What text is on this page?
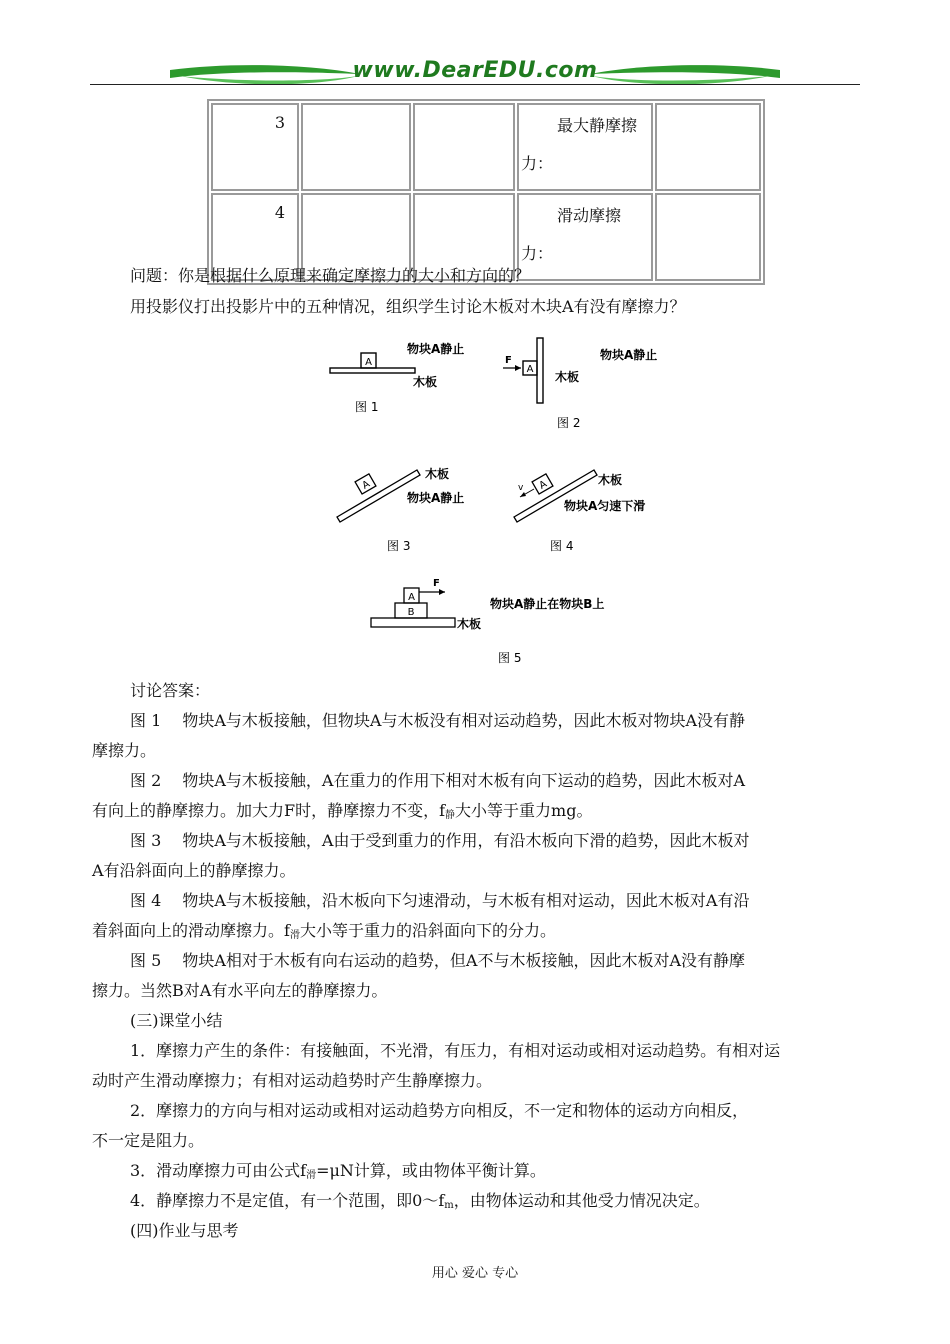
www.DearEDU.com
3			最大静摩擦
力：	

4			滑动摩擦
力：	

问题：你是根据什么原理来确定摩擦力的大小和方向的？
用投影仪打出投影片中的五种情况，组织学生讨论木板对木块A有没有摩擦力？
A
物块A静止
木板
图 1
A
F	物块A静止
木板
图 2
A
木板
物块A静止
图 3
A
v
木板
物块A匀速下滑
图 4
B
A
F
物块A静止在物块B上
木板
图 5
讨论答案：
图 1　 物块A与木板接触，但物块A与木板没有相对运动趋势，因此木板对物块A没有静
摩擦力。
图 2　 物块A与木板接触，A在重力的作用下相对木板有向下运动的趋势，因此木板对A
有向上的静摩擦力。加大力F时，静摩擦力不变，$f_静$大小等于重力mg。
图 3　 物块A与木板接触，A由于受到重力的作用，有沿木板向下滑的趋势，因此木板对
A有沿斜面向上的静摩擦力。
图 4　 物块A与木板接触，沿木板向下匀速滑动，与木板有相对运动，因此木板对A有沿
着斜面向上的滑动摩擦力。$f_滑$大小等于重力的沿斜面向下的分力。
图 5　 物块A相对于木板有向右运动的趋势，但A不与木板接触，因此木板对A没有静摩
擦力。当然B对A有水平向左的静摩擦力。
(三)课堂小结
1．摩擦力产生的条件：有接触面，不光滑，有压力，有相对运动或相对运动趋势。有相对运
动时产生滑动摩擦力；有相对运动趋势时产生静摩擦力。
2．摩擦力的方向与相对运动或相对运动趋势方向相反，不一定和物体的运动方向相反，
不一定是阻力。
3．滑动摩擦力可由公式$f_滑=\mu N$计算，或由物体平衡计算。
4．静摩擦力不是定值，有一个范围，即$0\sim f_m$，由物体运动和其他受力情况决定。
(四)作业与思考
用心 爱心 专心
